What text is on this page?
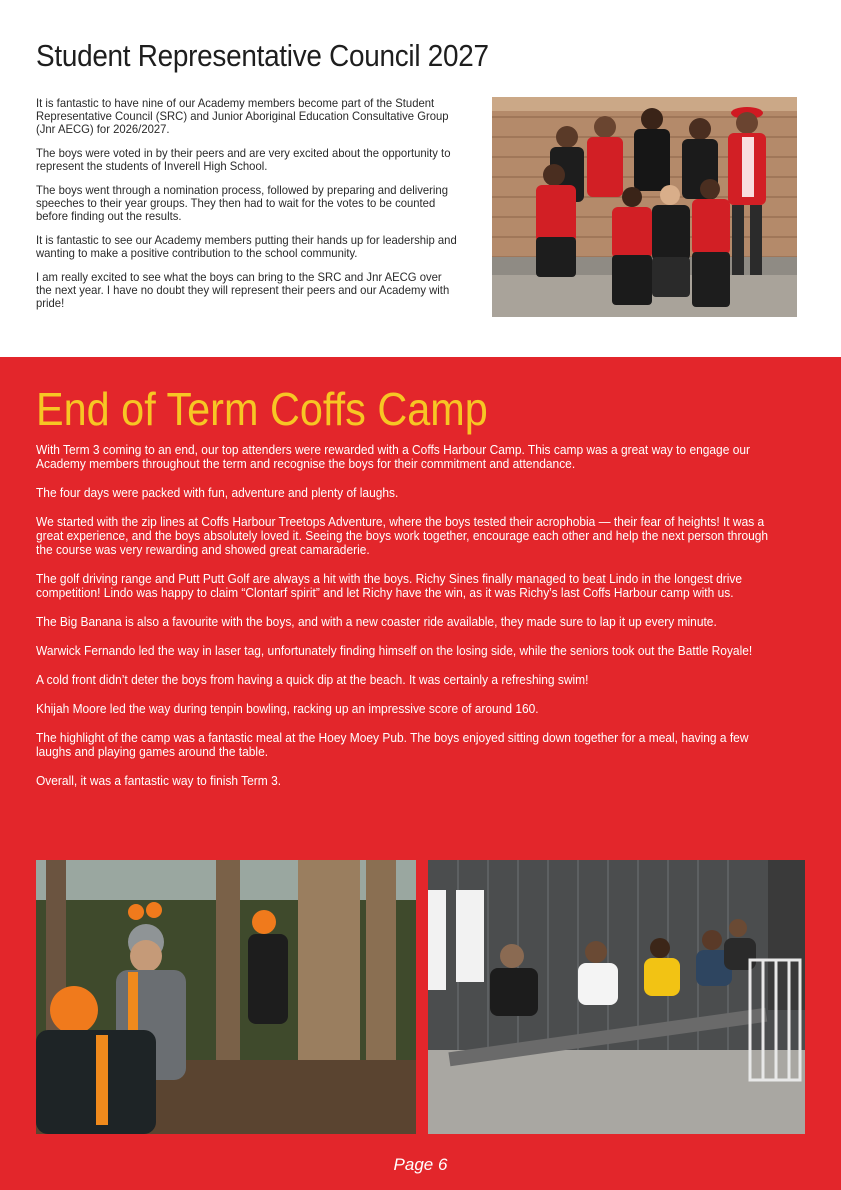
Student Representative Council 2027

It is fantastic to have nine of our Academy members become part of the Student Representative Council (SRC) and Junior Aboriginal Education Consultative Group (Jnr AECG) for 2026/2027.

The boys were voted in by their peers and are very excited about the opportunity to represent the students of Inverell High School.

The boys went through a nomination process, followed by preparing and delivering speeches to their year groups. They then had to wait for the votes to be counted before finding out the results.

It is fantastic to see our Academy members putting their hands up for leadership and wanting to make a positive contribution to the school community.

I am really excited to see what the boys can bring to the SRC and Jnr AECG over the next year. I have no doubt they will represent their peers and our Academy with pride!

End of Term Coffs Camp

With Term 3 coming to an end, our top attenders were rewarded with a Coffs Harbour Camp. This camp was a great way to engage our Academy members throughout the term and recognise the boys for their commitment and attendance.

The four days were packed with fun, adventure and plenty of laughs.

We started with the zip lines at Coffs Harbour Treetops Adventure, where the boys tested their acrophobia — their fear of heights! It was a great experience, and the boys absolutely loved it. Seeing the boys work together, encourage each other and help the next person through the course was very rewarding and showed great camaraderie.

The golf driving range and Putt Putt Golf are always a hit with the boys. Richy Sines finally managed to beat Lindo in the longest drive competition! Lindo was happy to claim “Clontarf spirit” and let Richy have the win, as it was Richy’s last Coffs Harbour camp with us.

The Big Banana is also a favourite with the boys, and with a new coaster ride available, they made sure to lap it up every minute.

Warwick Fernando led the way in laser tag, unfortunately finding himself on the losing side, while the seniors took out the Battle Royale!

A cold front didn’t deter the boys from having a quick dip at the beach. It was certainly a refreshing swim!

Khijah Moore led the way during tenpin bowling, racking up an impressive score of around 160.

The highlight of the camp was a fantastic meal at the Hoey Moey Pub. The boys enjoyed sitting down together for a meal, having a few laughs and playing games around the table.

Overall, it was a fantastic way to finish Term 3.

Page 6
